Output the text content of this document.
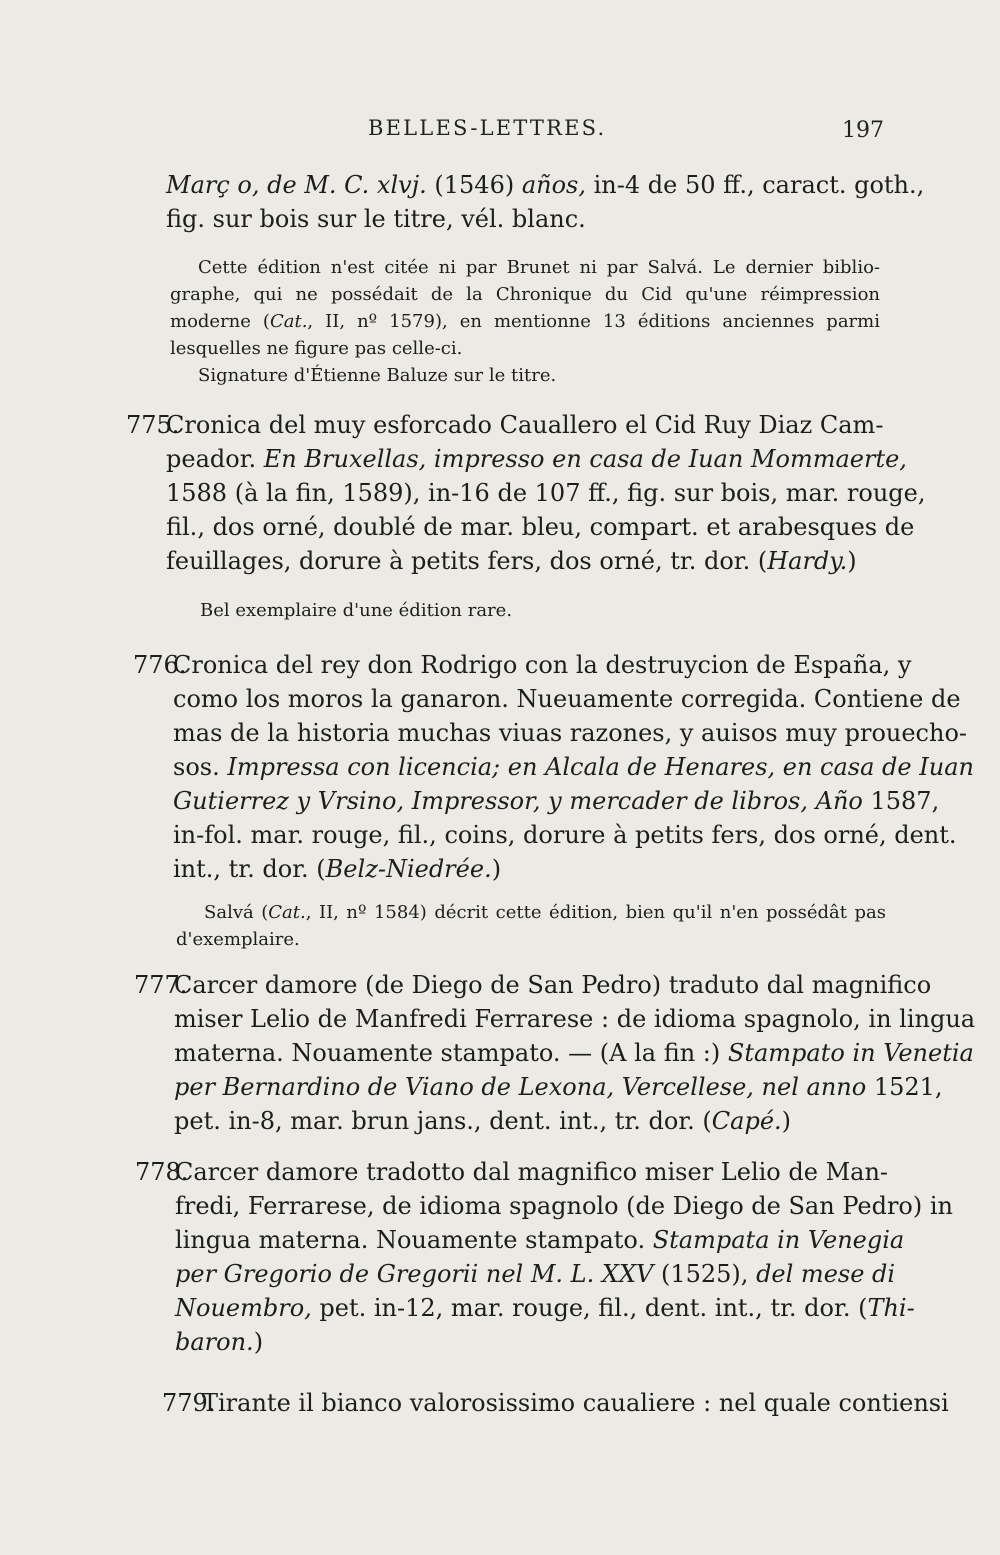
BELLES-LETTRES.	197
Març o, de M. C. xlvj. (1546) años, in-4 de 50 ff., caract. goth.,
fig. sur bois sur le titre, vél. blanc.
Cette édition n'est citée ni par Brunet ni par Salvá. Le dernier biblio-
graphe, qui ne possédait de la Chronique du Cid qu'une réimpression
moderne (Cat., II, nº 1579), en mentionne 13 éditions anciennes parmi
lesquelles ne figure pas celle-ci.
Signature d'Étienne Baluze sur le titre.
775.
Cronica del muy esforcado Cauallero el Cid Ruy Diaz Cam-
peador. En Bruxellas, impresso en casa de Iuan Mommaerte,
1588 (à la fin, 1589), in-16 de 107 ff., fig. sur bois, mar. rouge,
fil., dos orné, doublé de mar. bleu, compart. et arabesques de
feuillages, dorure à petits fers, dos orné, tr. dor. (Hardy.)
Bel exemplaire d'une édition rare.
776.
Cronica del rey don Rodrigo con la destruycion de España, y
como los moros la ganaron. Nueuamente corregida. Contiene de
mas de la historia muchas viuas razones, y auisos muy prouecho-
sos. Impressa con licencia; en Alcala de Henares, en casa de Iuan
Gutierrez y Vrsino, Impressor, y mercader de libros, Año 1587,
in-fol. mar. rouge, fil., coins, dorure à petits fers, dos orné, dent.
int., tr. dor. (Belz-Niedrée.)
Salvá (Cat., II, nº 1584) décrit cette édition, bien qu'il n'en possédât pas
d'exemplaire.
777.
Carcer damore (de Diego de San Pedro) traduto dal magnifico
miser Lelio de Manfredi Ferrarese : de idioma spagnolo, in lingua
materna. Nouamente stampato. — (A la fin :) Stampato in Venetia
per Bernardino de Viano de Lexona, Vercellese, nel anno 1521,
pet. in-8, mar. brun jans., dent. int., tr. dor. (Capé.)
778.
Carcer damore tradotto dal magnifico miser Lelio de Man-
fredi, Ferrarese, de idioma spagnolo (de Diego de San Pedro) in
lingua materna. Nouamente stampato. Stampata in Venegia
per Gregorio de Gregorii nel M. L. XXV (1525), del mese di
Nouembro, pet. in-12, mar. rouge, fil., dent. int., tr. dor. (Thi-
baron.)
779.
Tirante il bianco valorosissimo caualiere : nel quale contiensi
